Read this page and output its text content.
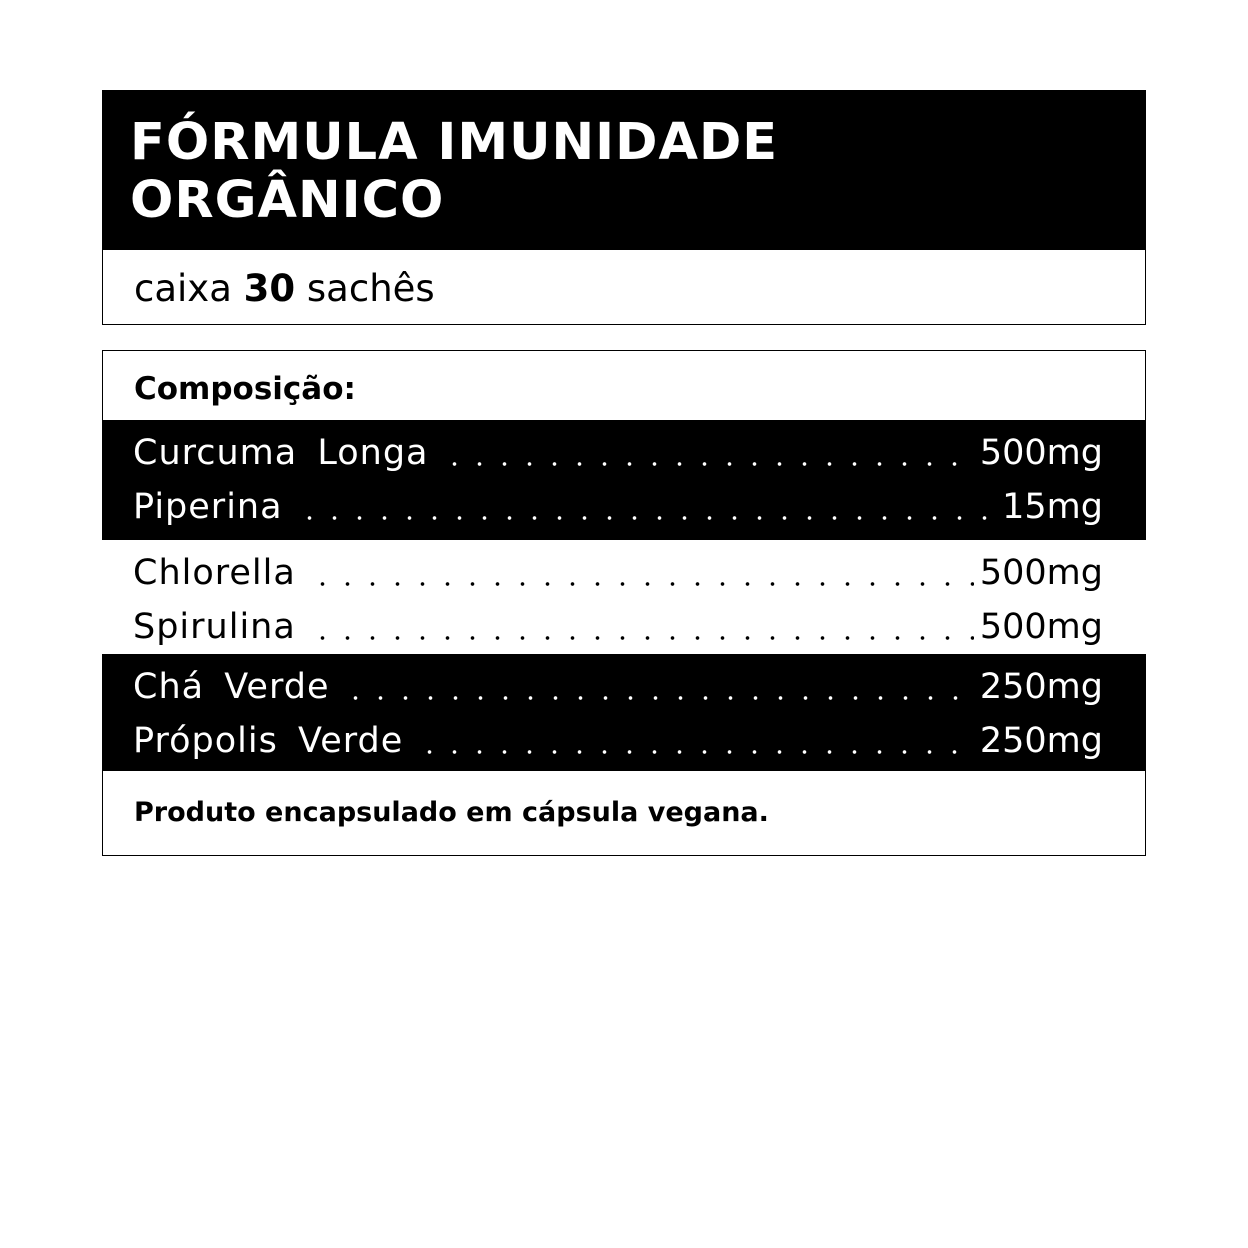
FÓRMULA IMUNIDADE
ORGÂNICO
caixa 30 sachês
Composição:
Curcuma Longa	500mg
Piperina	15mg
Chlorella	500mg
Spirulina	500mg
Chá Verde	250mg
Própolis Verde	250mg
Produto encapsulado em cápsula vegana.
